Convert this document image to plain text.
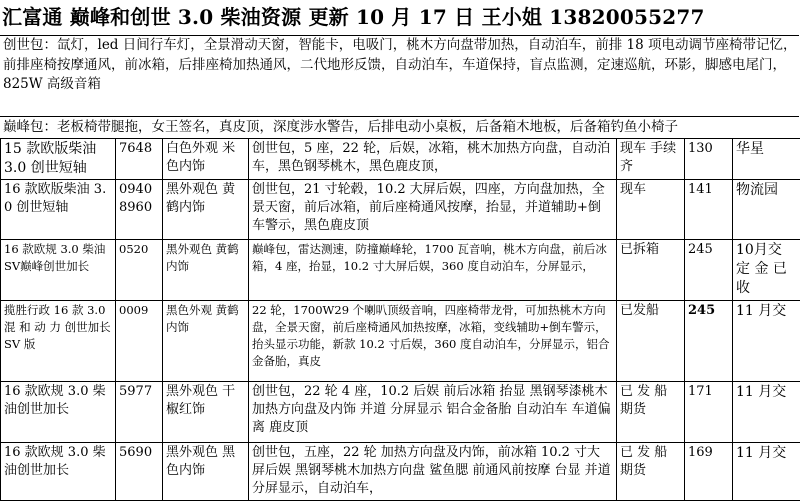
汇富通 巅峰和创世 3.0 柴油资源 更新 10 月 17 日 王小姐 13820055277
创世包：氙灯，led 日间行车灯，全景滑动天窗，智能卡，电吸门，桃木方向盘带加热，自动泊车，前排 18 项电动调节座椅带记忆，前排座椅按摩通风，前冰箱，后排座椅加热通风，二代地形反馈，自动泊车，车道保持，盲点监测，定速巡航，环影，脚感电尾门，825W 高级音箱
巅峰包：老板椅带腿拖，女王签名，真皮顶，深度涉水警告，后排电动小桌板，后备箱木地板，后备箱钓鱼小椅子
15 款欧版柴油 3.0 创世短轴	7648	白色外观 米色内饰	创世包，5 座，22 轮，后娱，冰箱，桃木加热方向盘，自动泊车，黑色钢琴桃木，黑色鹿皮顶，	现车 手续齐	130	华星
16 款欧版柴油 3.0 创世短轴	0940 8960	黑外观色 黄鹤内饰	创世包，21 寸轮毂，10.2 大屏后娱，四座，方向盘加热，全景天窗，前后冰箱，前后座椅通风按摩，抬显，并道辅助+倒车警示，黑色鹿皮顶	现车	141	物流园
16 款欧规 3.0 柴油 SV巅峰创世加长	0520	黑外观色 黄鹤内饰	巅峰包，雷达测速，防撞巅峰轮，1700 瓦音响，桃木方向盘，前后冰箱，4 座，抬显，10.2 寸大屏后娱，360 度自动泊车，分屏显示，	已拆箱	245	10月交 定 金 已 收
揽胜行政 16 款 3.0 混 和 动 力 创世加长 SV 版	0009	黑色外观 黄鹤内饰	22 轮，1700W29 个喇叭顶级音响，四座椅带龙骨，可加热桃木方向盘，全景天窗，前后座椅通风加热按摩，冰箱，变线辅助+倒车警示，抬头显示功能，新款 10.2 寸后娱，360 度自动泊车，分屏显示，铝合金备胎，真皮	已发船	245	11 月交
16 款欧规 3.0 柴油创世加长	5977	黑外观色 干椒红饰	创世包，22 轮 4 座，10.2 后娱 前后冰箱 抬显 黑钢琴漆桃木 加热方向盘及内饰 并道 分屏显示 铝合金备胎 自动泊车 车道偏离 鹿皮顶	已 发 船 期货	171	11 月交
16 款欧规 3.0 柴油创世加长	5690	黑外观色 黑色内饰	创世包，五座，22 轮 加热方向盘及内饰，前冰箱 10.2 寸大屏后娱 黑钢琴桃木加热方向盘 鲨鱼腮 前通风前按摩 台显 并道 分屏显示，自动泊车，	已 发 船 期货	169	11 月交
